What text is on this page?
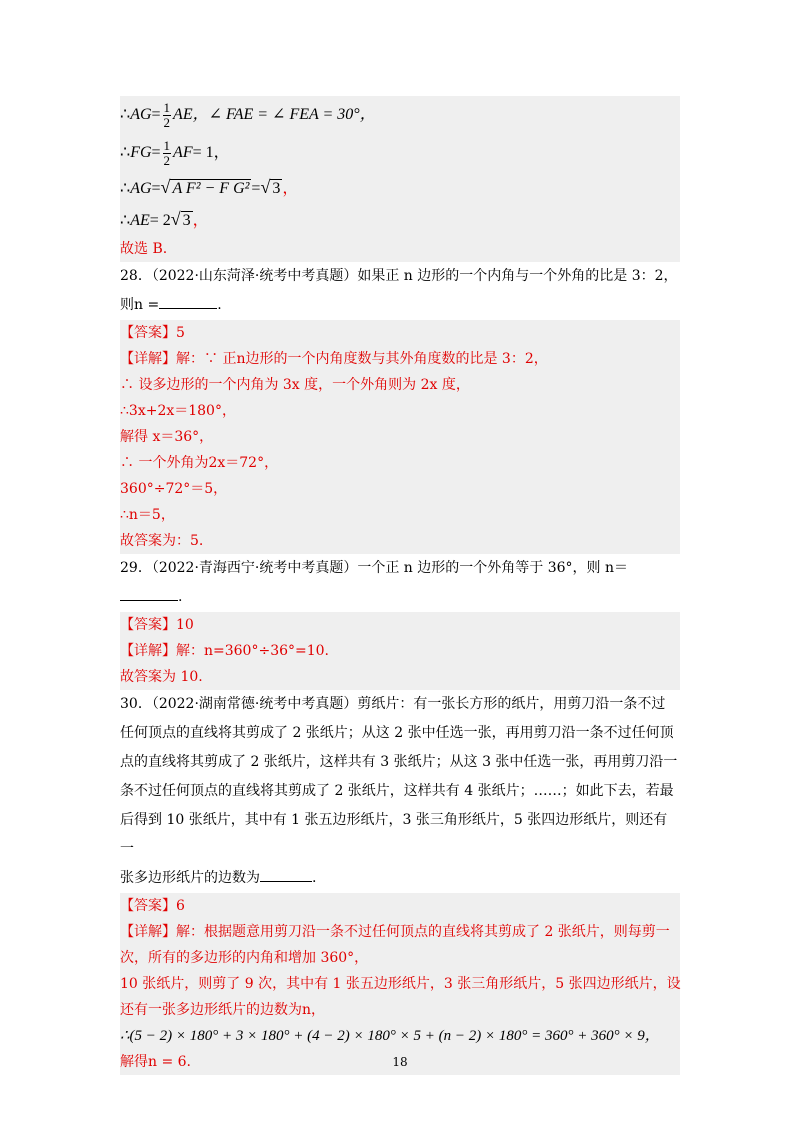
∴AG= $\frac{1}{2}$ AE，∠ FAE = ∠ FEA = 30°，
∴FG= $\frac{1}{2} AF= 1$，
∴AG=√ A F² − F G² =√ 3 ，
∴AE= 2√ 3 ，
故选 B.
28．（2022·山东菏泽·统考中考真题）如果正 n 边形的一个内角与一个外角的比是 3：2，
则n =	.
【答案】5
【详解】解：∵ 正n边形的一个内角度数与其外角度数的比是 3：2，
∴ 设多边形的一个内角为 3x 度，一个外角则为 2x 度，
∴3x+2x＝180°，
解得 x＝36°，
∴ 一个外角为2x＝72°，
360°÷72°＝5，
∴n＝5，
故答案为：5.
29．（2022·青海西宁·统考中考真题）一个正 n 边形的一个外角等于 36°，则 n＝
.
【答案】10
【详解】解：n=360°÷36°=10.
故答案为 10.
30．（2022·湖南常德·统考中考真题）剪纸片：有一张长方形的纸片，用剪刀沿一条不过
任何顶点的直线将其剪成了 2 张纸片；从这 2 张中任选一张，再用剪刀沿一条不过任何顶
点的直线将其剪成了 2 张纸片，这样共有 3 张纸片；从这 3 张中任选一张，再用剪刀沿一
条不过任何顶点的直线将其剪成了 2 张纸片，这样共有 4 张纸片；……；如此下去，若最
后得到 10 张纸片，其中有 1 张五边形纸片，3 张三角形纸片，5 张四边形纸片，则还有一
张多边形纸片的边数为	.
【答案】6
【详解】解：根据题意用剪刀沿一条不过任何顶点的直线将其剪成了 2 张纸片，则每剪一
次，所有的多边形的内角和增加 360°，
10 张纸片，则剪了 9 次，其中有 1 张五边形纸片，3 张三角形纸片，5 张四边形纸片，设
还有一张多边形纸片的边数为n，
∴(5 − 2) × 180° + 3 × 180° + (4 − 2) × 180° × 5 + (n − 2) × 180° = 360° + 360° × 9，
解得n = 6.	18
